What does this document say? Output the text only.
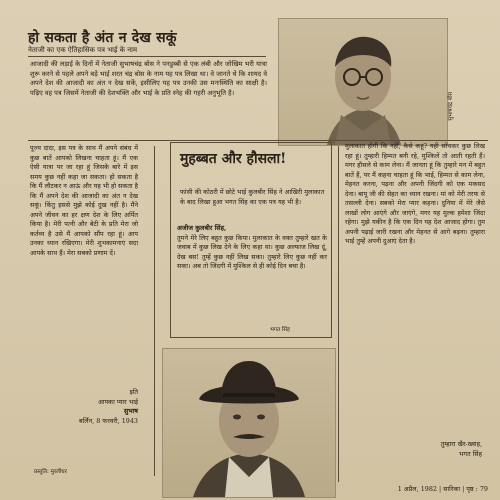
हो सकता है अंत न देख सकूं
नेताजी का एक ऐतिहासिक पत्र भाई के नाम
आजादी की लड़ाई के दिनों में नेताजी सुभाषचंद्र बोस ने पनडुब्बी से एक लंबी और जोखिम भरी यात्रा शुरू करने से पहले अपने बड़े भाई शरत चंद्र बोस के नाम यह पत्र लिखा था। वे जानते थे कि शायद वे अपने देश की आजादी का अंत न देख सकें, इसीलिए यह पत्र उनकी उस मनःस्थिति का साक्षी है। पढ़िए वह पत्र जिसमें नेताजी की देशभक्ति और भाई के प्रति स्नेह की गहरी अनुभूति है।	सुभाषचंद्र बोस
पूज्य दादा, इस पत्र के साथ मैं अपने संबंध में कुछ बातें आपको लिखना चाहता हूं। मैं एक ऐसी यात्रा पर जा रहा हूं जिसके बारे में इस समय कुछ नहीं कहा जा सकता। हो सकता है कि मैं लौटकर न आऊं और यह भी हो सकता है कि मैं अपने देश की आजादी का अंत न देख सकूं। किंतु इससे मुझे कोई दुख नहीं है। मैंने अपने जीवन का हर क्षण देश के लिए अर्पित किया है। मेरी पत्नी और बेटी के प्रति मेरा जो कर्तव्य है उसे मैं आपको सौंप रहा हूं। आप उनका ध्यान रखिएगा। मेरी शुभकामनाएं सदा आपके साथ हैं। मेरा सबको प्रणाम दें।
इति
आपका प्यार भाई
सुभाष
बर्लिन, 8 फरवरी, 1943
प्रस्तुति: मुरलीधर
मुहब्बत और हौसला!
फांसी की कोठरी में छोटे भाई कुलबीर सिंह ने आखिरी मुलाकात के बाद लिखा हुआ भगत सिंह का एक पत्र यह भी है।
अजीज कुलबीर सिंह,
तुमने मेरे लिए बहुत कुछ किया। मुलाकात के वक्त तुम्हारे खत के जवाब में कुछ लिख देने के लिए कहा था। कुछ अल्फाज लिख दूं, देख बस! तुम्हें कुछ नहीं लिख सका। तुम्हारे लिए कुछ नहीं कर सका। अब तो जिंदगी में मुश्किल से ही कोई दिन बचा है।
भगत सिंह
मुलाकात होगी कि नहीं, कैसे कहूं? यही सोचकर कुछ लिख रहा हूं। तुम्हारी हिम्मत बनी रहे, मुश्किलें तो आती रहती हैं। मगर हौसले से काम लेना। मैं जानता हूं कि तुम्हारे मन में बहुत बातें हैं, पर मैं कहना चाहता हूं कि भाई, हिम्मत से काम लेना, मेहनत करना, पढ़ना और अपनी जिंदगी को एक मकसद देना। बापू जी की सेहत का ध्यान रखना। मां को मेरी तरफ से तसल्ली देना। सबको मेरा प्यार कहना। दुनिया में मेरे जैसे लाखों लोग आएंगे और जाएंगे, मगर यह मुल्क हमेशा जिंदा रहेगा। मुझे यकीन है कि एक दिन यह देश आजाद होगा। तुम अपनी पढ़ाई जारी रखना और मेहनत से आगे बढ़ना। तुम्हारा भाई तुम्हें अपनी दुआएं देता है।
तुम्हारा खैर-ख्वाह,
भगत सिंह
1 अप्रैल, 1982 | सारिका | पृष्ठ : 79
